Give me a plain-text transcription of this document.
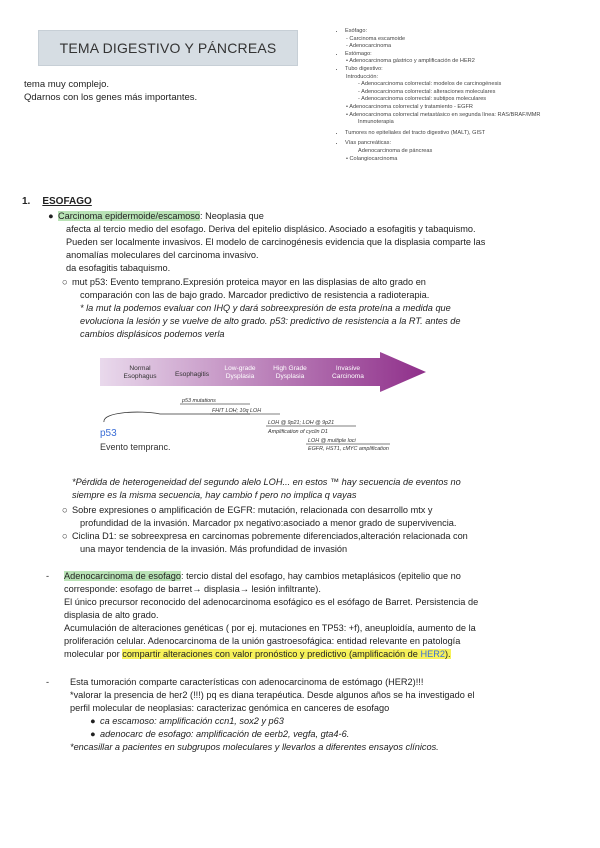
TEMA DIGESTIVO Y PÁNCREAS
tema muy complejo.
Qdarnos con los genes más importantes.
• Esófago:
- Carcinoma escamoide
- Adenocarcinoma
• Estómago:
• Adenocarcinoma gástrico y amplificación de HER2
• Tubo digestivo:
Introducción:
- Adenocarcinoma colorrectal: modelos de carcinogénesis
- Adenocarcinoma colorrectal: alteraciones moleculares
- Adenocarcinoma colorrectal: subtipos moleculares
• Adenocarcinoma colorrectal y tratamiento - EGFR
• Adenocarcinoma colorrectal metastásico en segunda línea: RAS/BRAF/MMR
Inmunoterapia
• Tumores no epiteliales del tracto digestivo (MALT), GIST
• Vías pancreáticas:
Adenocarcinoma de páncreas
• Colangiocarcinoma
1. ESOFAGO
● Carcinoma epidermoide/escamoso: Neoplasia que
afecta al tercio medio del esofago. Deriva del epitelio displásico. Asociado a esofagitis y tabaquismo.
Pueden ser localmente invasivos. El modelo de carcinogénesis evidencia que la displasia comparte las
anomalías moleculares del carcinoma invasivo.
da esofagitis tabaquismo.
○ mut p53: Evento temprano.Expresión proteica mayor en las displasias de alto grado en
comparación con las de bajo grado. Marcador predictivo de resistencia a radioterapia.
* la mut la podemos evaluar con IHQ y dará sobreexpresión de esta proteína a medida que
evoluciona la lesión y se vuelve de alto grado. p53: predictivo de resistencia a la RT. antes de
cambios displásicos podemos verla
Normal
Esophagus	Esophagitis
Low-grade
Dysplasia
High Grade
Dysplasia
Invasive
Carcinoma
p53 mutations
FHIT LOH; 10q LOH
LOH @ 9p21; LOH @ 9p21
Amplification of cyclin D1
LOH @ multiple loci
EGFR, HST1, cMYC amplification
p53
Evento tempranc.
*Pérdida de heterogeneidad del segundo alelo LOH... en estos ™ hay secuencia de eventos no
siempre es la misma secuencia, hay cambio f pero no implica q vayas
○ Sobre expresiones o amplificación de EGFR: mutación, relacionada con desarrollo mtx y
profundidad de la invasión. Marcador px negativo:asociado a menor grado de supervivencia.
○ Ciclina D1: se sobreexpresa en carcinomas pobremente diferenciados,alteración relacionada con
una mayor tendencia de la invasión. Más profundidad de invasión
- Adenocarcinoma de esofago: tercio distal del esofago, hay cambios metaplásicos (epitelio que no
corresponde: esofago de barret→ displasia→ lesión infiltrante).
El único precursor reconocido del adenocarcinoma esofágico es el esófago de Barret. Persistencia de
displasia de alto grado.
Acumulación de alteraciones genéticas ( por ej. mutaciones en TP53: +f), aneuploidía, aumento de la
proliferación celular. Adenocarcinoma de la unión gastroesofágica: entidad relevante en patología
molecular por compartir alteraciones con valor pronóstico y predictivo (amplificación de HER2).
- Esta tumoración comparte características con adenocarcinoma de estómago (HER2)!!!
*valorar la presencia de her2 (!!!) pq es diana terapéutica. Desde algunos años se ha investigado el
perfil molecular de neoplasias: caracterizac genómica en canceres de esofago
● ca escamoso: amplificación ccn1, sox2 y p63
● adenocarc de esofago: amplificación de eerb2, vegfa, gta4-6.
*encasillar a pacientes en subgrupos moleculares y llevarlos a diferentes ensayos clínicos.
